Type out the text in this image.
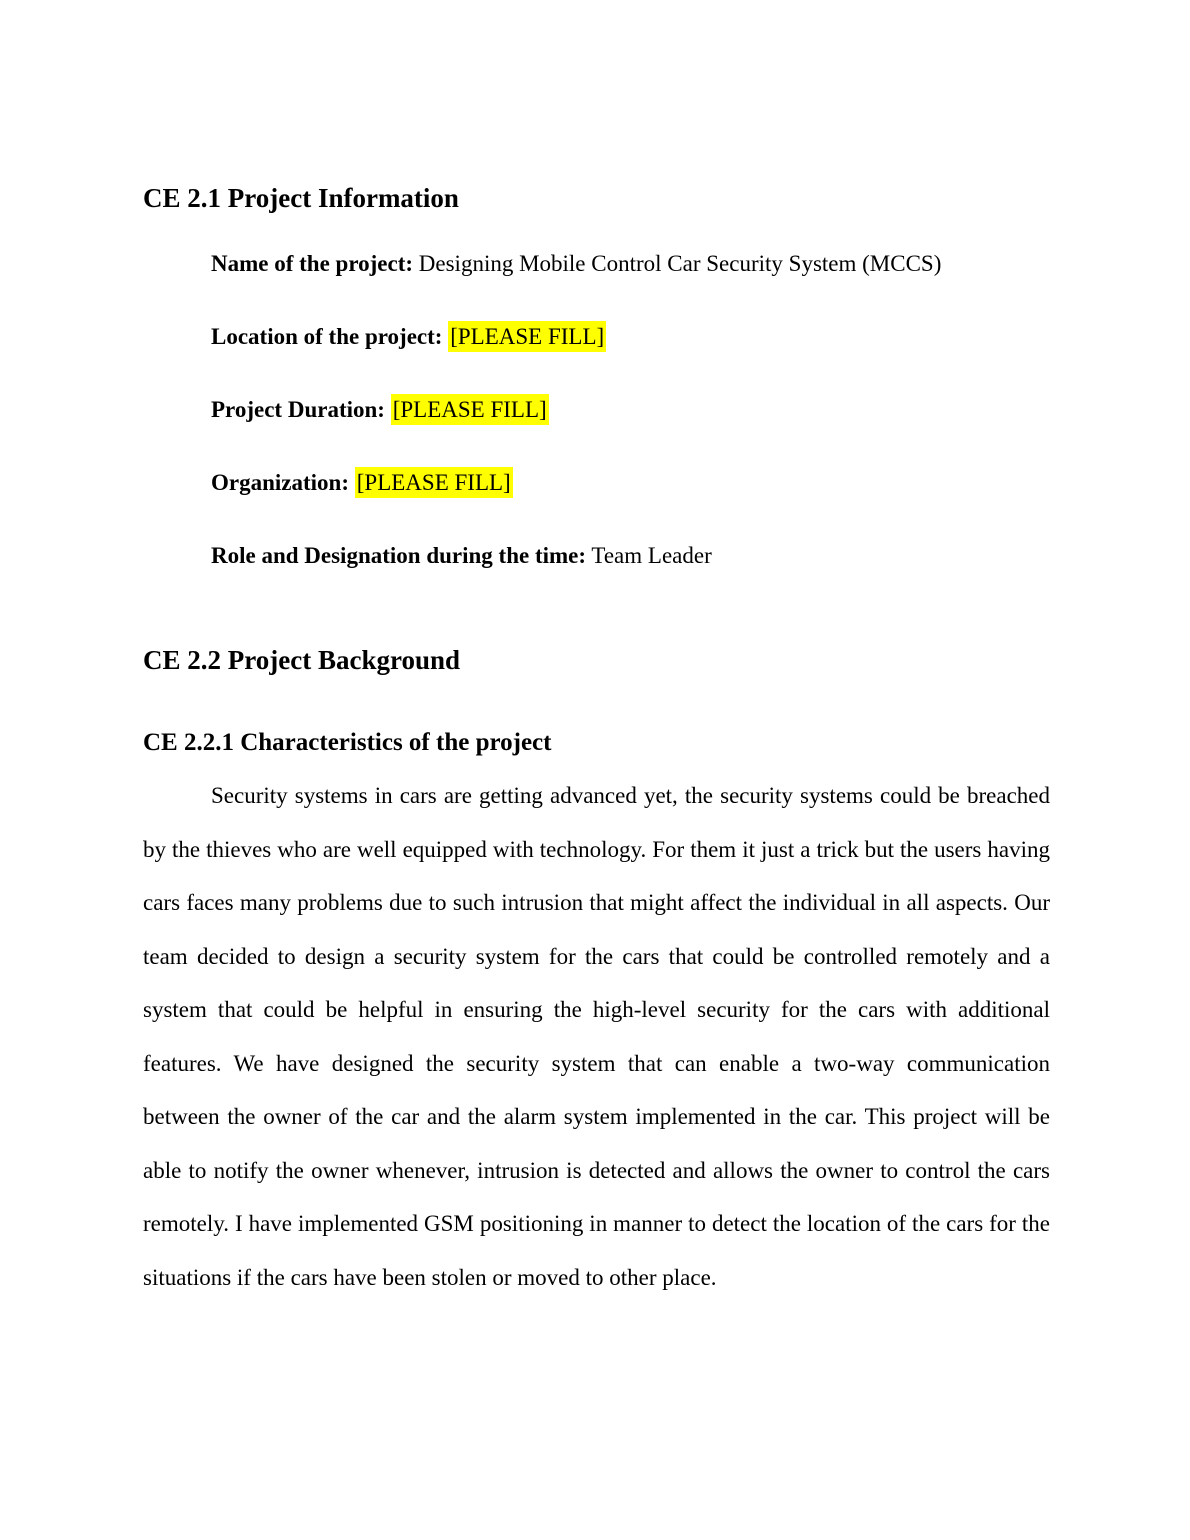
CE 2.1 Project Information

Name of the project: Designing Mobile Control Car Security System (MCCS)

Location of the project: [PLEASE FILL]

Project Duration: [PLEASE FILL]

Organization: [PLEASE FILL]

Role and Designation during the time: Team Leader

CE 2.2 Project Background
CE 2.2.1 Characteristics of the project

Security systems in cars are getting advanced yet, the security systems could be breached by the thieves who are well equipped with technology. For them it just a trick but the users having cars faces many problems due to such intrusion that might affect the individual in all aspects. Our team decided to design a security system for the cars that could be controlled remotely and a system that could be helpful in ensuring the high-level security for the cars with additional features. We have designed the security system that can enable a two-way communication between the owner of the car and the alarm system implemented in the car. This project will be able to notify the owner whenever, intrusion is detected and allows the owner to control the cars remotely. I have implemented GSM positioning in manner to detect the location of the cars for the situations if the cars have been stolen or moved to other place.
